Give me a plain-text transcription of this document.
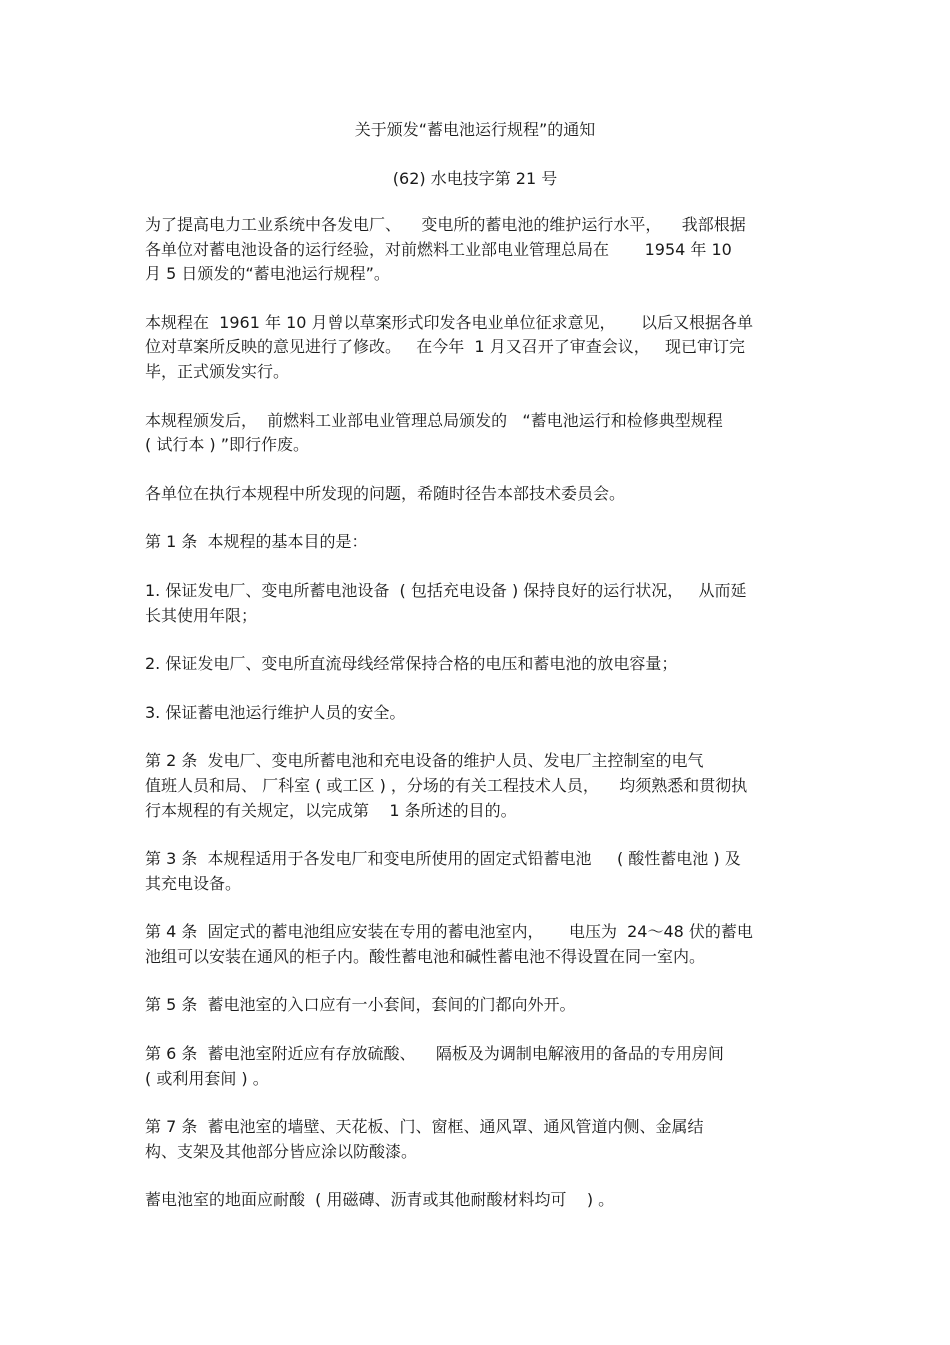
关于颁发“蓄电池运行规程”的通知

(62) 水电技字第 21 号

为了提高电力工业系统中各发电厂、    变电所的蓄电池的维护运行水平，    我部根据
各单位对蓄电池设备的运行经验，对前燃料工业部电业管理总局在       1954 年 10
月 5 日颁发的“蓄电池运行规程”。

本规程在  1961 年 10 月曾以草案形式印发各电业单位征求意见，     以后又根据各单
位对草案所反映的意见进行了修改。   在今年  1 月又召开了审查会议，   现已审订完
毕，正式颁发实行。

本规程颁发后，  前燃料工业部电业管理总局颁发的   “蓄电池运行和检修典型规程
( 试行本 ) ”即行作废。

各单位在执行本规程中所发现的问题，希随时径告本部技术委员会。

第 1 条  本规程的基本目的是：

1. 保证发电厂、变电所蓄电池设备  ( 包括充电设备 ) 保持良好的运行状况，   从而延
长其使用年限；

2. 保证发电厂、变电所直流母线经常保持合格的电压和蓄电池的放电容量；

3. 保证蓄电池运行维护人员的安全。

第 2 条  发电厂、变电所蓄电池和充电设备的维护人员、发电厂主控制室的电气
值班人员和局、 厂科室 ( 或工区 ) ，分场的有关工程技术人员，    均须熟悉和贯彻执
行本规程的有关规定，以完成第    1 条所述的目的。

第 3 条  本规程适用于各发电厂和变电所使用的固定式铅蓄电池     ( 酸性蓄电池 ) 及
其充电设备。

第 4 条  固定式的蓄电池组应安装在专用的蓄电池室内，     电压为  24～48 伏的蓄电
池组可以安装在通风的柜子内。酸性蓄电池和碱性蓄电池不得设置在同一室内。

第 5 条  蓄电池室的入口应有一小套间，套间的门都向外开。

第 6 条  蓄电池室附近应有存放硫酸、    隔板及为调制电解液用的备品的专用房间
( 或利用套间 ) 。

第 7 条  蓄电池室的墙壁、天花板、门、窗框、通风罩、通风管道内侧、金属结
构、支架及其他部分皆应涂以防酸漆。

蓄电池室的地面应耐酸  ( 用磁磚、沥青或其他耐酸材料均可    ) 。
